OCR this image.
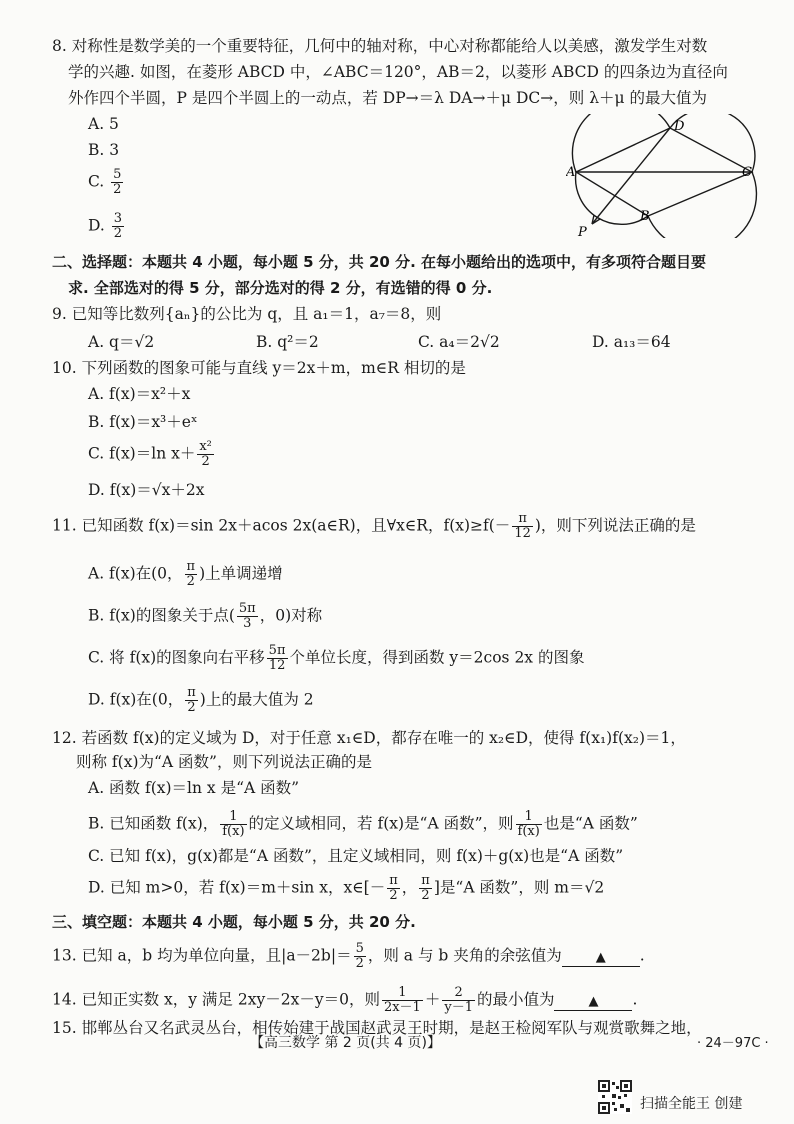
8. 对称性是数学美的一个重要特征，几何中的轴对称，中心对称都能给人以美感，激发学生对数
学的兴趣. 如图，在菱形 ABCD 中，∠ABC＝120°，AB＝2，以菱形 ABCD 的四条边为直径向
外作四个半圆，P 是四个半圆上的一动点，若 DP→＝λ DA→＋μ DC→，则 λ＋μ 的最大值为
A. 5
B. 3
C. $\frac{5}{2}$
D. $\frac{3}{2}$
A
D
C
B
P
二、选择题：本题共 4 小题，每小题 5 分，共 20 分. 在每小题给出的选项中，有多项符合题目要
求. 全部选对的得 5 分，部分选对的得 2 分，有选错的得 0 分.
9. 已知等比数列{aₙ}的公比为 q，且 a₁＝1，a₇＝8，则
A. q＝√2	B. q²＝2	C. a₄＝2√2	D. a₁₃＝64
10. 下列函数的图象可能与直线 y＝2x＋m，m∈R 相切的是
A. f(x)＝x²＋x
B. f(x)＝x³＋eˣ
C. f(x)＝ln $x+ \frac{\text{x²}}{2}$
D. f(x)＝√x＋2x
11. 已知函数 f(x)＝sin 2x＋acos 2x(a∈R)，且∀x∈R，$f(x)\ge f(- \frac{\pi}{12}$ )，则下列说法正确的是
A. f(x)在(0， $\frac{\pi}{2}$ )上单调递增
B. f(x)的图象关于点( $\frac{5\pi}{3}$ ，0)对称
C. 将 f(x)的图象向右平移 $\frac{5\pi}{12}$ 个单位长度，得到函数 y＝2cos 2x 的图象
D. f(x)在(0， $\frac{\pi}{2}$ )上的最大值为 2
12. 若函数 f(x)的定义域为 D，对于任意 x₁∈D，都存在唯一的 x₂∈D，使得 f(x₁)f(x₂)＝1，
则称 f(x)为“A 函数”，则下列说法正确的是
A. 函数 f(x)＝ln x 是“A 函数”
B. 已知函数 f(x)， $\frac{1}{f(x)}$ 的定义域相同，若 f(x)是“A 函数”，则 $\frac{1}{f(x)}$ 也是“A 函数”
C. 已知 f(x)，g(x)都是“A 函数”，且定义域相同，则 f(x)＋g(x)也是“A 函数”
D. 已知 m>0，若 f(x)＝m＋sin x，x∈[－ $\frac{\pi}{2}$ ， $\frac{\pi}{2}$ ]是“A 函数”，则 m＝√2
三、填空题：本题共 4 小题，每小题 5 分，共 20 分.
13. 已知 a，b 均为单位向量，且$|a-2b|= \frac{5}{2}$ ，则 a 与 b 夹角的余弦值为	▲ .
14. 已知正实数 x，y 满足 2xy－2x－y＝0，则 $\frac{1}{2x-1} + \frac{2}{y-1}$ 的最小值为	▲ .
15. 邯郸丛台又名武灵丛台，相传始建于战国赵武灵王时期，是赵王检阅军队与观赏歌舞之地，
【高三数学 第 2 页(共 4 页)】	· 24－97C ·
扫描全能王 创建
